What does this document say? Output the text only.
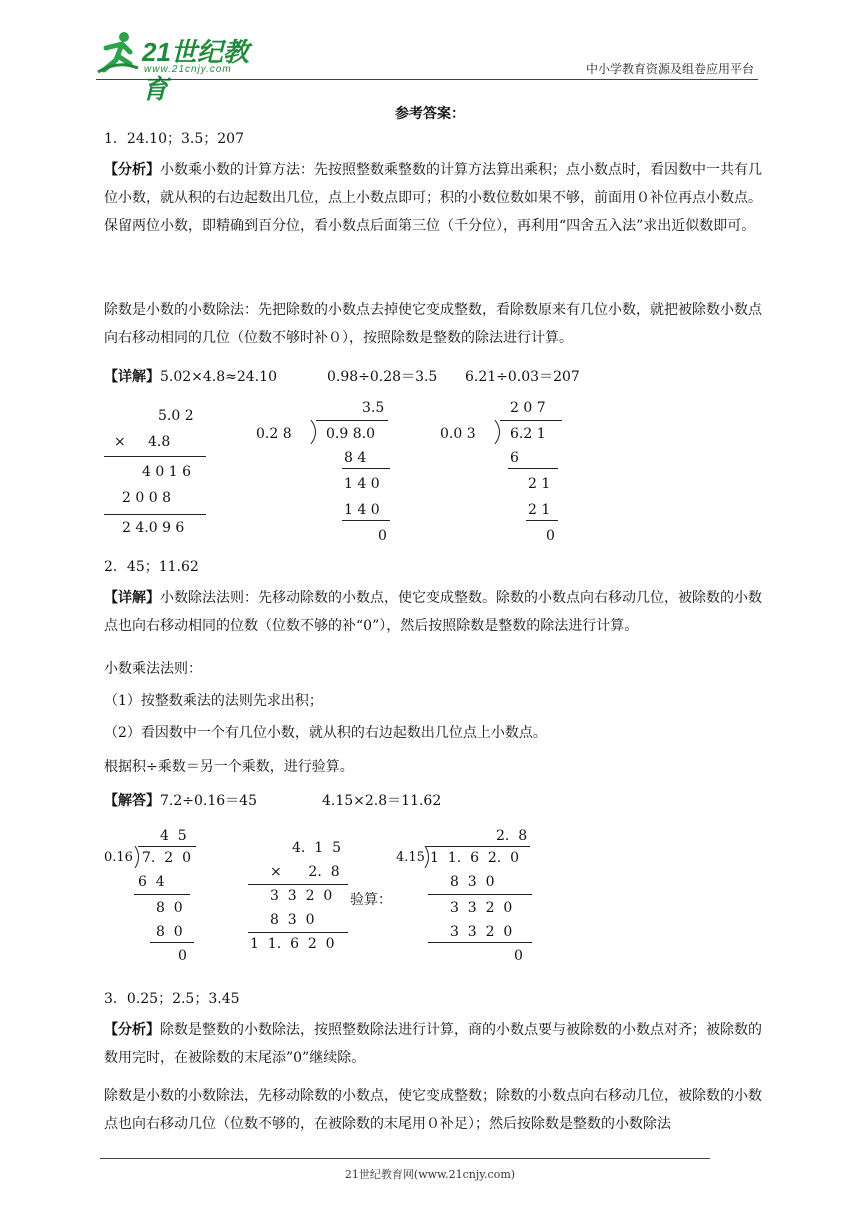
21世纪教育
www.21cnjy.com	中小学教育资源及组卷应用平台
参考答案：
1．24.10；3.5；207
【分析】小数乘小数的计算方法：先按照整数乘整数的计算方法算出乘积；点小数点时，看因数中一共有几位小数，就从积的右边起数出几位，点上小数点即可；积的小数位数如果不够，前面用０补位再点小数点。保留两位小数，即精确到百分位，看小数点后面第三位（千分位），再利用“四舍五入法”求出近似数即可。
除数是小数的小数除法：先把除数的小数点去掉使它变成整数，看除数原来有几位小数，就把被除数小数点向右移动相同的几位（位数不够时补０），按照除数是整数的除法进行计算。
【详解】5.02×4.8≈24.10	0.98÷0.28＝3.5 6.21÷0.03＝207
5.0 2
×     4.8
4 0 1 6
2 0 0 8
2 4.0 9 6
3.5
0.2 8 0.9 8.0
8 4
1 4 0
1 4 0
0
2 0 7
0.0 3 6.2 1
6
2 1
2 1
0
2．45；11.62
【详解】小数除法法则：先移动除数的小数点，使它变成整数。除数的小数点向右移动几位，被除数的小数点也向右移动相同的位数（位数不够的补“0”），然后按照除数是整数的除法进行计算。
小数乘法法则：
（1）按整数乘法的法则先求出积；
（2）看因数中一个有几位小数，就从积的右边起数出几位点上小数点。
根据积÷乘数＝另一个乘数，进行验算。
【解答】7.2÷0.16＝45	4.15×2.8＝11.62
4  5
0.16 7.  2  0
6  4
8  0
8  0
0
4.  1  5
×      2.  8
3  3  2  0
8  3  0
1  1.  6  2  0
验算：
2.  8
4.15 1  1.  6  2.  0
8  3  0
3  3  2  0
3  3  2  0
0
3．0.25；2.5；3.45
【分析】除数是整数的小数除法，按照整数除法进行计算，商的小数点要与被除数的小数点对齐；被除数的数用完时，在被除数的末尾添”0”继续除。
除数是小数的小数除法，先移动除数的小数点，使它变成整数；除数的小数点向右移动几位，被除数的小数点也向右移动几位（位数不够的，在被除数的末尾用０补足）；然后按除数是整数的小数除法
21世纪教育网(www.21cnjy.com)
